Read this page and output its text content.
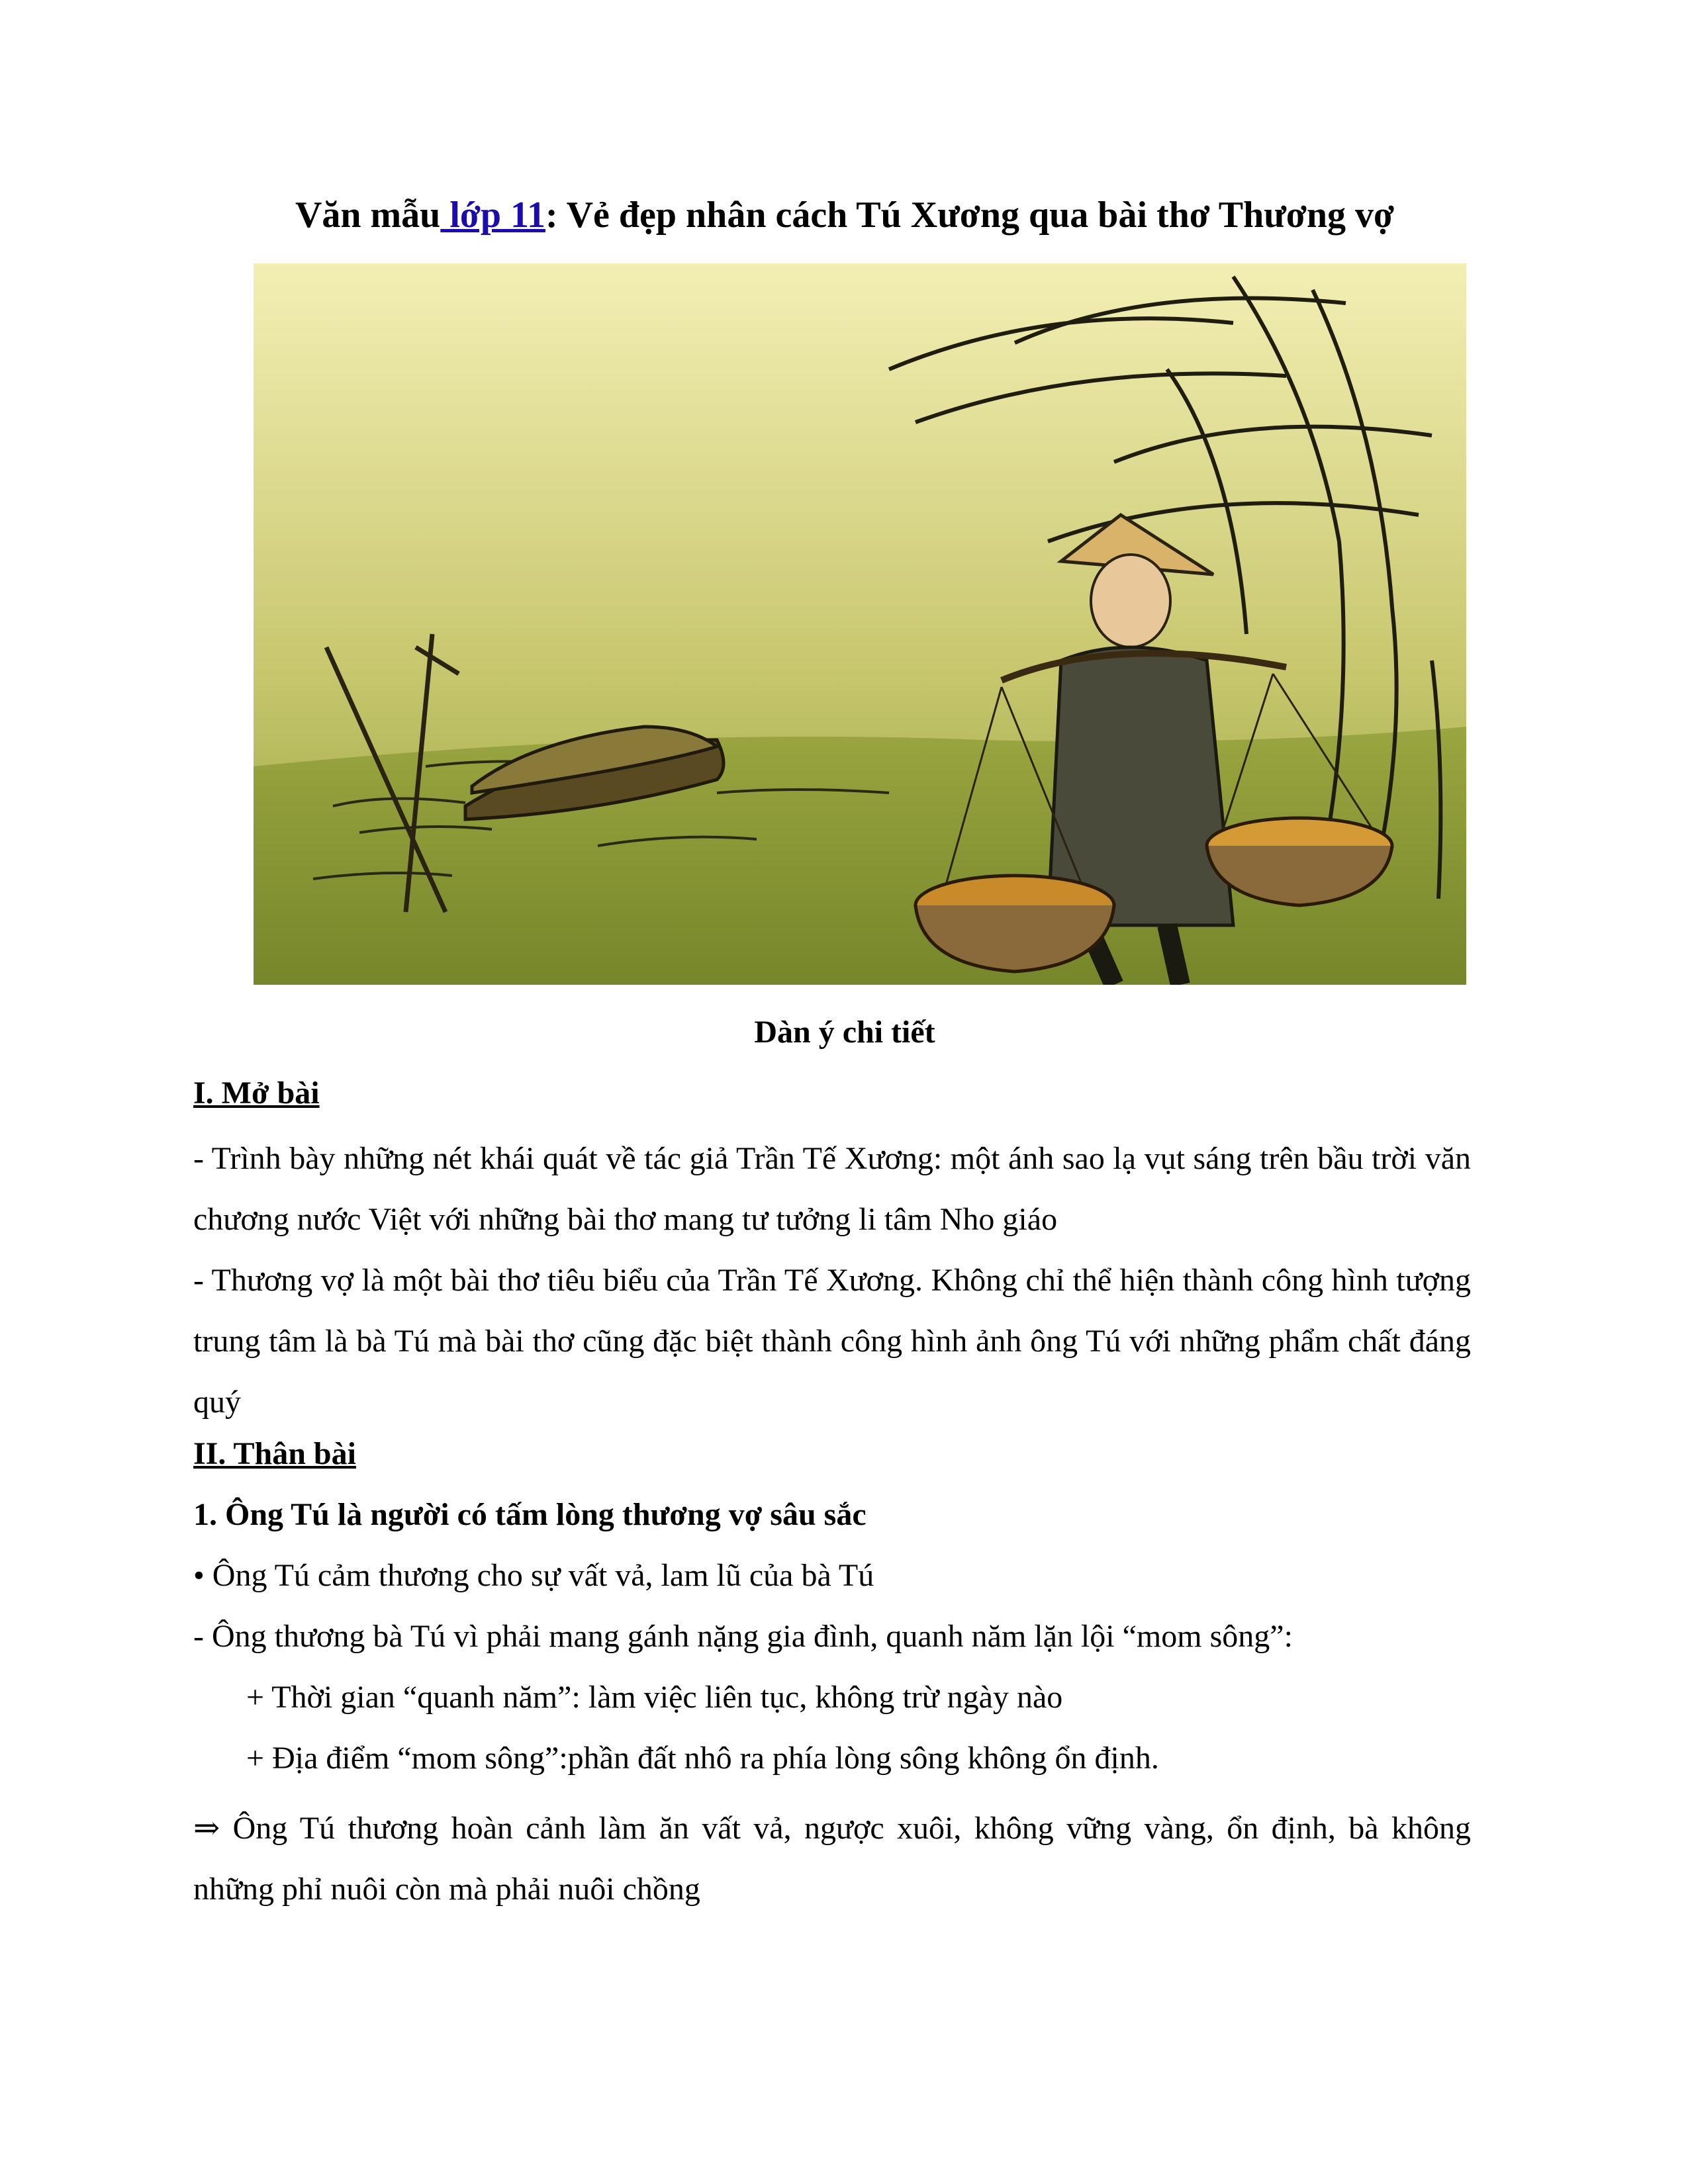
Văn mẫu lớp 11: Vẻ đẹp nhân cách Tú Xương qua bài thơ Thương vợ

Dàn ý chi tiết

I. Mở bài

- Trình bày những nét khái quát về tác giả Trần Tế Xương: một ánh sao lạ vụt sáng trên bầu trời văn chương nước Việt với những bài thơ mang tư tưởng li tâm Nho giáo

- Thương vợ là một bài thơ tiêu biểu của Trần Tế Xương. Không chỉ thể hiện thành công hình tượng trung tâm là bà Tú mà bài thơ cũng đặc biệt thành công hình ảnh ông Tú với những phẩm chất đáng quý

II. Thân bài

1. Ông Tú là người có tấm lòng thương vợ sâu sắc

• Ông Tú cảm thương cho sự vất vả, lam lũ của bà Tú

- Ông thương bà Tú vì phải mang gánh nặng gia đình, quanh năm lặn lội “mom sông”:

+ Thời gian “quanh năm”: làm việc liên tục, không trừ ngày nào

+ Địa điểm “mom sông”:phần đất nhô ra phía lòng sông không ổn định.

⇒ Ông Tú thương hoàn cảnh làm ăn vất vả, ngược xuôi, không vững vàng, ổn định, bà không những phỉ nuôi còn mà phải nuôi chồng
